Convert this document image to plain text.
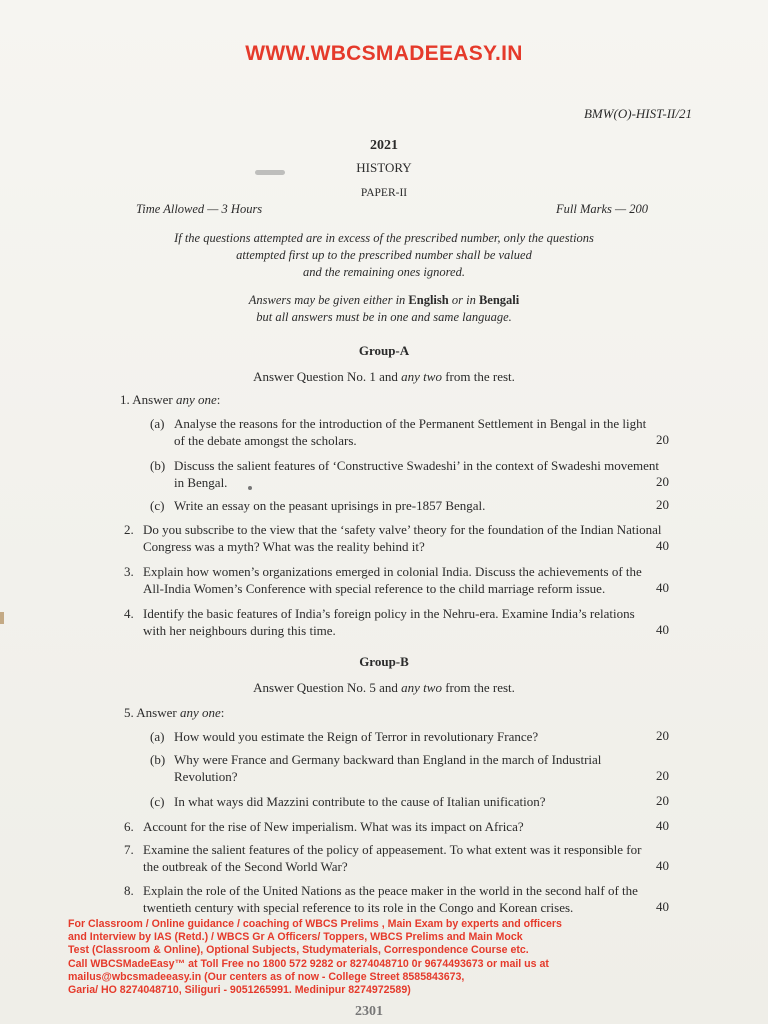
WWW.WBCSMADEEASY.IN
BMW(O)-HIST-II/21
2021
HISTORY
PAPER-II
Time Allowed — 3 Hours	Full Marks — 200
If the questions attempted are in excess of the prescribed number, only the questions
attempted first up to the prescribed number shall be valued
and the remaining ones ignored.
Answers may be given either in English or in Bengali
but all answers must be in one and same language.
Group-A
Answer Question No. 1 and any two from the rest.
1. Answer any one:
(a) Analyse the reasons for the introduction of the Permanent Settlement in Bengal in the light
of the debate amongst the scholars.	20
(b) Discuss the salient features of ‘Constructive Swadeshi’ in the context of Swadeshi movement
in Bengal.	20
(c) Write an essay on the peasant uprisings in pre-1857 Bengal.	20
2. Do you subscribe to the view that the ‘safety valve’ theory for the foundation of the Indian National
Congress was a myth? What was the reality behind it?	40
3. Explain how women’s organizations emerged in colonial India. Discuss the achievements of the
All-India Women’s Conference with special reference to the child marriage reform issue.	40
4. Identify the basic features of India’s foreign policy in the Nehru-era. Examine India’s relations
with her neighbours during this time.	40
Group-B
Answer Question No. 5 and any two from the rest.
5. Answer any one:
(a) How would you estimate the Reign of Terror in revolutionary France?	20
(b) Why were France and Germany backward than England in the march of Industrial
Revolution?	20
(c) In what ways did Mazzini contribute to the cause of Italian unification?	20
6. Account for the rise of New imperialism. What was its impact on Africa?	40
7. Examine the salient features of the policy of appeasement. To what extent was it responsible for
the outbreak of the Second World War?	40
8. Explain the role of the United Nations as the peace maker in the world in the second half of the
twentieth century with special reference to its role in the Congo and Korean crises.	40
For Classroom / Online guidance / coaching of WBCS Prelims , Main Exam by experts and officers
and Interview by IAS (Retd.) / WBCS Gr A Officers/ Toppers, WBCS Prelims and Main Mock
Test (Classroom & Online), Optional Subjects, Studymaterials, Correspondence Course etc.
Call WBCSMadeEasy™ at Toll Free no 1800 572 9282 or 8274048710 0r 9674493673 or mail us at
mailus@wbcsmadeeasy.in (Our centers as of now - College Street 8585843673,
Garia/ HO 8274048710, Siliguri - 9051265991. Medinipur 8274972589)
2301
